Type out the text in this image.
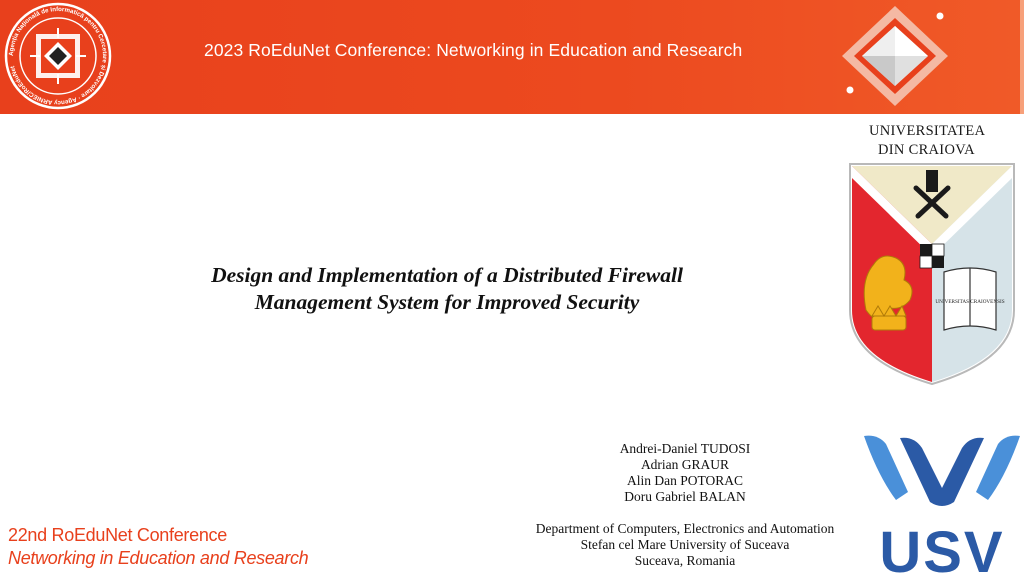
Agenția Națională de Informatică pentru Cercetare și Dezvoltare · Agency ARNIEC/RoEduNet
2023 RoEduNet Conference: Networking in Education and Research
UNIVERSITATEA
DIN CRAIOVA
UNIVERSITAS CRAIOVENSIS
Design and Implementation of a Distributed Firewall
Management System for Improved Security
Andrei-Daniel TUDOSI
Adrian GRAUR
Alin Dan POTORAC
Doru Gabriel BALAN
Department of Computers, Electronics and Automation
Stefan cel Mare University of Suceava
Suceava, Romania
22nd RoEduNet Conference
Networking in Education and Research	USV
